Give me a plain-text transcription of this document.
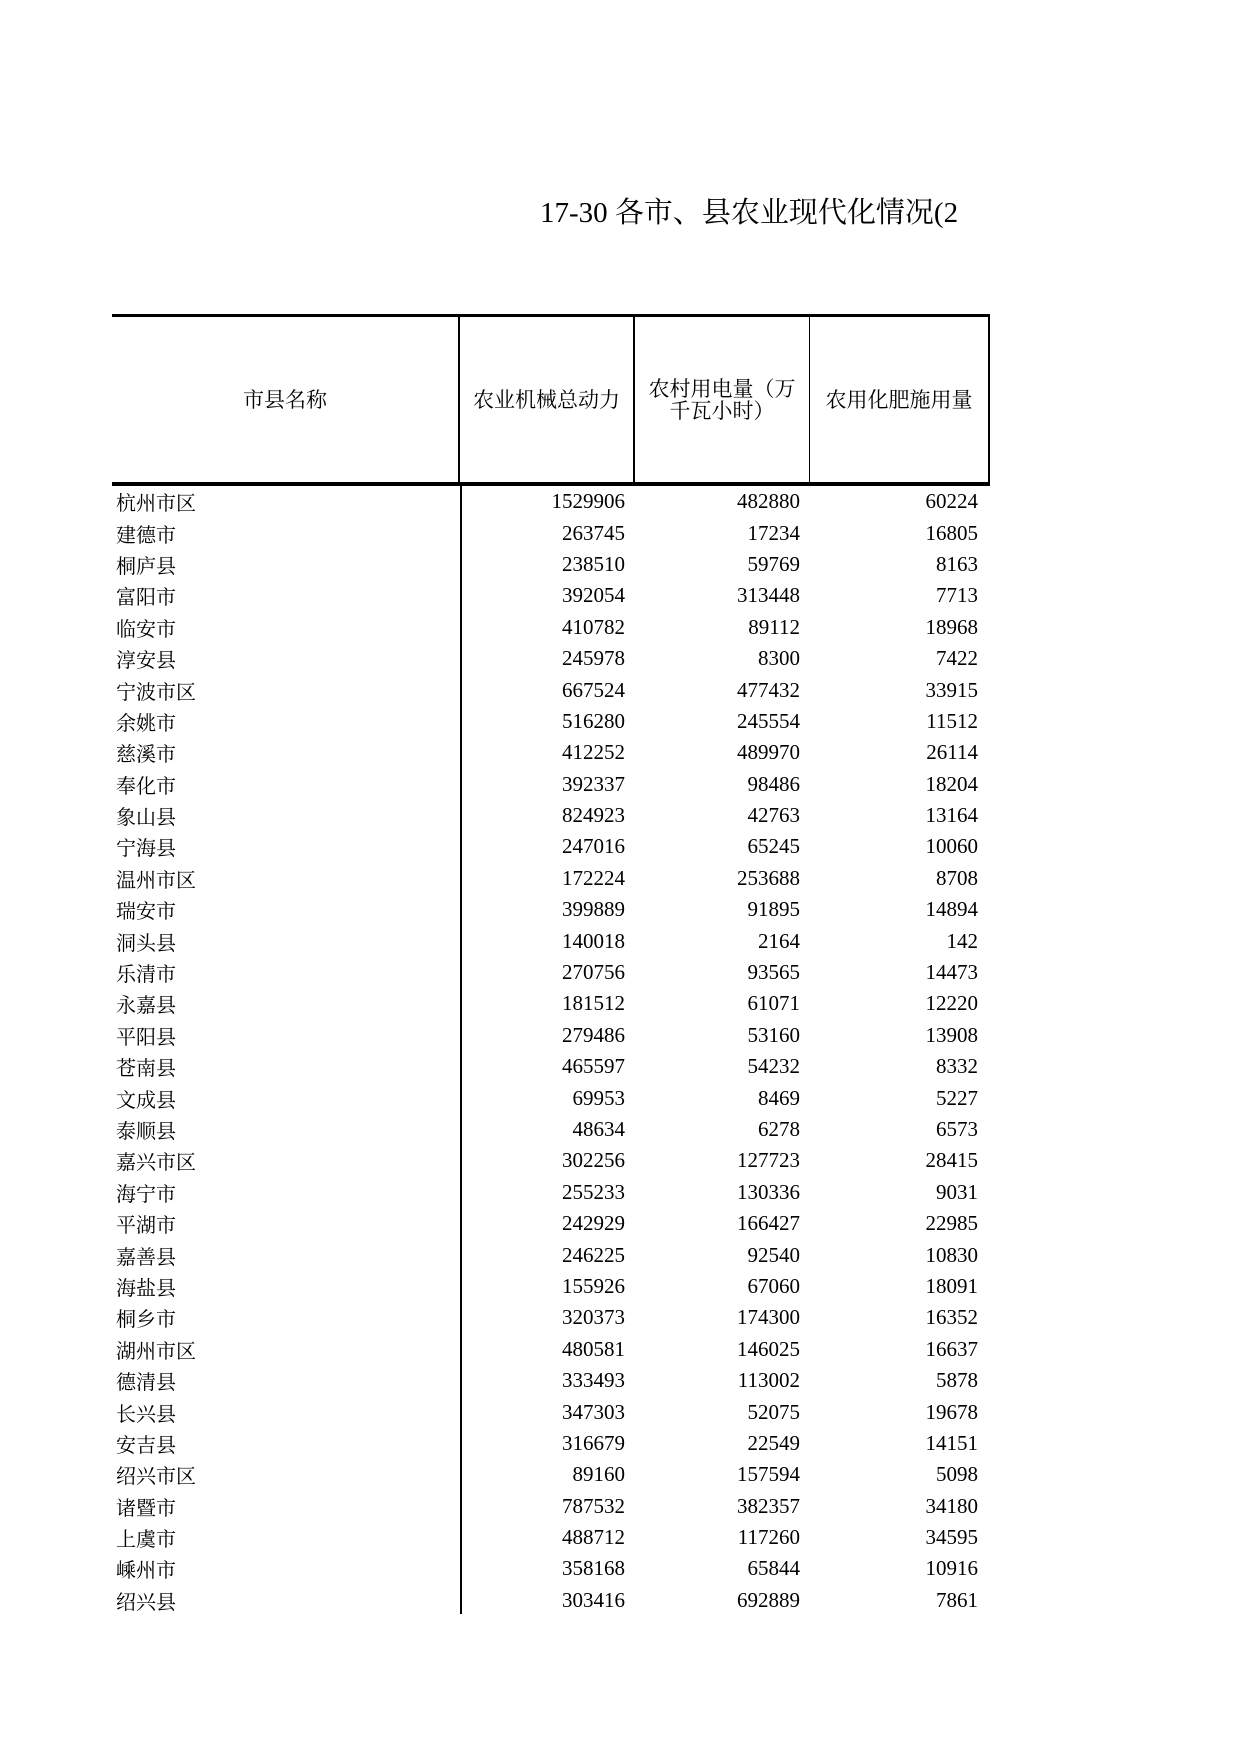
17-30 各市、县农业现代化情况(2
市县名称	农业机械总动力	农村用电量（万千瓦小时）	农用化肥施用量
杭州市区	1529906	482880	60224
建德市	263745	17234	16805
桐庐县	238510	59769	8163
富阳市	392054	313448	7713
临安市	410782	89112	18968
淳安县	245978	8300	7422
宁波市区	667524	477432	33915
余姚市	516280	245554	11512
慈溪市	412252	489970	26114
奉化市	392337	98486	18204
象山县	824923	42763	13164
宁海县	247016	65245	10060
温州市区	172224	253688	8708
瑞安市	399889	91895	14894
洞头县	140018	2164	142
乐清市	270756	93565	14473
永嘉县	181512	61071	12220
平阳县	279486	53160	13908
苍南县	465597	54232	8332
文成县	69953	8469	5227
泰顺县	48634	6278	6573
嘉兴市区	302256	127723	28415
海宁市	255233	130336	9031
平湖市	242929	166427	22985
嘉善县	246225	92540	10830
海盐县	155926	67060	18091
桐乡市	320373	174300	16352
湖州市区	480581	146025	16637
德清县	333493	113002	5878
长兴县	347303	52075	19678
安吉县	316679	22549	14151
绍兴市区	89160	157594	5098
诸暨市	787532	382357	34180
上虞市	488712	117260	34595
嵊州市	358168	65844	10916
绍兴县	303416	692889	7861
